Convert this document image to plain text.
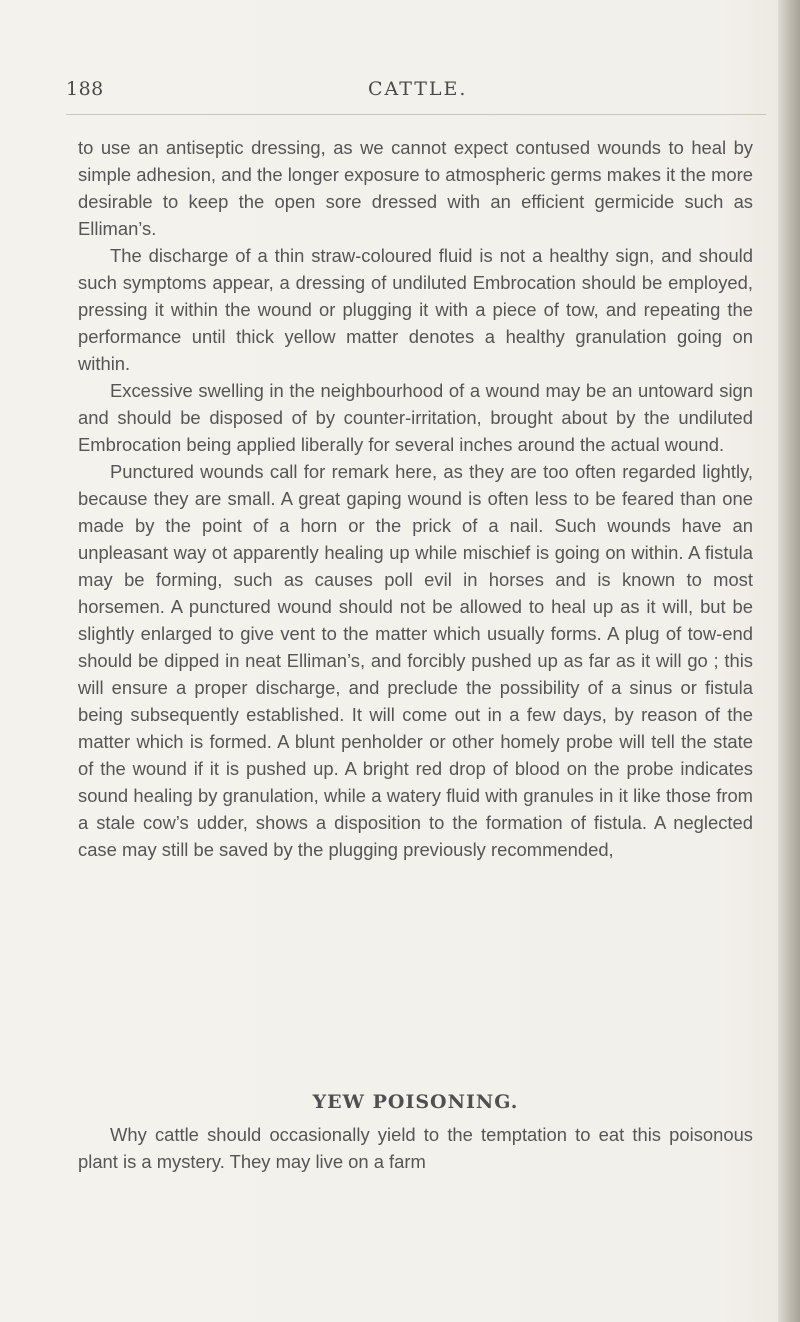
188	CATTLE.

to use an antiseptic dressing, as we cannot expect contused wounds to heal by simple adhesion, and the longer exposure to atmospheric germs makes it the more desirable to keep the open sore dressed with an efficient germicide such as Elliman’s.

The discharge of a thin straw-coloured fluid is not a healthy sign, and should such symptoms appear, a dressing of undiluted Embrocation should be employed, pressing it within the wound or plugging it with a piece of tow, and repeating the performance until thick yellow matter denotes a healthy granulation going on within.

Excessive swelling in the neighbourhood of a wound may be an untoward sign and should be disposed of by counter-irritation, brought about by the undiluted Embrocation being applied liberally for several inches around the actual wound.

Punctured wounds call for remark here, as they are too often regarded lightly, because they are small. A great gaping wound is often less to be feared than one made by the point of a horn or the prick of a nail. Such wounds have an unpleasant way ot apparently healing up while mischief is going on within. A fistula may be forming, such as causes poll evil in horses and is known to most horsemen. A punctured wound should not be allowed to heal up as it will, but be slightly enlarged to give vent to the matter which usually forms. A plug of tow-end should be dipped in neat Elliman’s, and forcibly pushed up as far as it will go ; this will ensure a proper discharge, and preclude the possibility of a sinus or fistula being subsequently established. It will come out in a few days, by reason of the matter which is formed. A blunt penholder or other homely probe will tell the state of the wound if it is pushed up. A bright red drop of blood on the probe indicates sound healing by granulation, while a watery fluid with granules in it like those from a stale cow’s udder, shows a disposition to the formation of fistula. A neglected case may still be saved by the plugging previously recommended,

YEW POISONING.

Why cattle should occasionally yield to the temptation to eat this poisonous plant is a mystery. They may live on a farm
